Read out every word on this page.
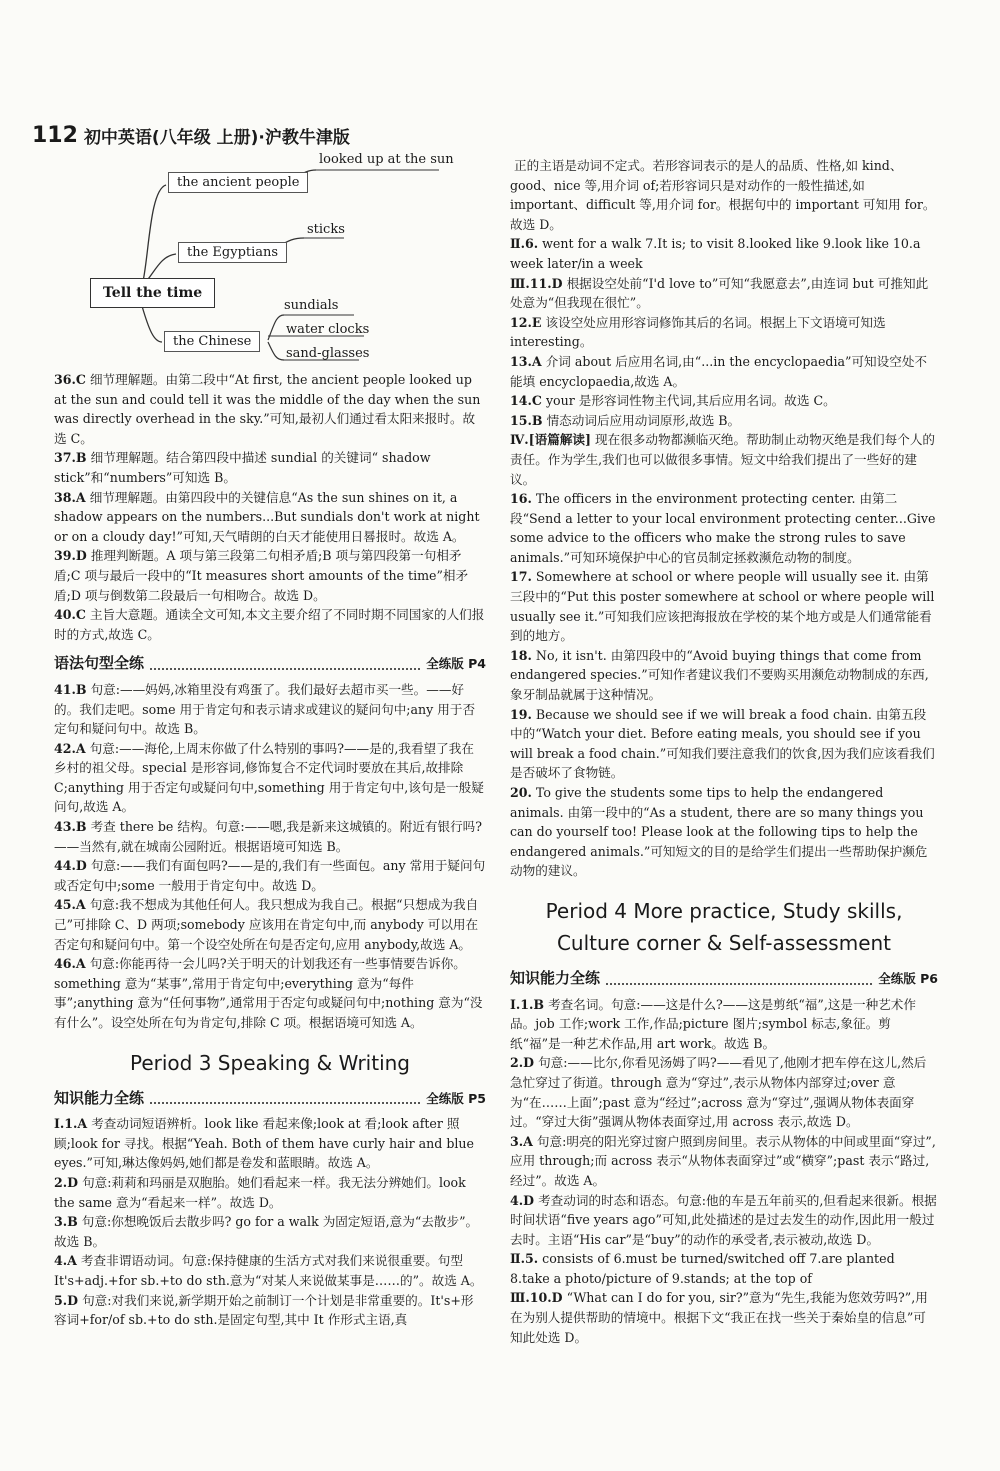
112 初中英语(八年级 上册)·沪教牛津版
the ancient people
looked up at the sun
the Egyptians
sticks
Tell the time
the Chinese
sundials
water clocks
sand-glasses

36.C 细节理解题。由第二段中“At first, the ancient people looked up at the sun and could tell it was the middle of the day when the sun was directly overhead in the sky.”可知,最初人们通过看太阳来报时。故选 C。

37.B 细节理解题。结合第四段中描述 sundial 的关键词“ shadow stick”和“numbers”可知选 B。

38.A 细节理解题。由第四段中的关键信息“As the sun shines on it, a shadow appears on the numbers...But sundials don't work at night or on a cloudy day!”可知,天气晴朗的白天才能使用日晷报时。故选 A。

39.D 推理判断题。A 项与第三段第二句相矛盾;B 项与第四段第一句相矛盾;C 项与最后一段中的“It measures short amounts of the time”相矛盾;D 项与倒数第二段最后一句相吻合。故选 D。

40.C 主旨大意题。通读全文可知,本文主要介绍了不同时期不同国家的人们报时的方式,故选 C。

语法句型全练	全练版 P4

41.B 句意:——妈妈,冰箱里没有鸡蛋了。我们最好去超市买一些。——好的。我们走吧。some 用于肯定句和表示请求或建议的疑问句中;any 用于否定句和疑问句中。故选 B。

42.A 句意:——海伦,上周末你做了什么特别的事吗?——是的,我看望了我在乡村的祖父母。special 是形容词,修饰复合不定代词时要放在其后,故排除 C;anything 用于否定句或疑问句中,something 用于肯定句中,该句是一般疑问句,故选 A。

43.B 考查 there be 结构。句意:——嗯,我是新来这城镇的。附近有银行吗?——当然有,就在城南公园附近。根据语境可知选 B。

44.D 句意:——我们有面包吗?——是的,我们有一些面包。any 常用于疑问句或否定句中;some 一般用于肯定句中。故选 D。

45.A 句意:我不想成为其他任何人。我只想成为我自己。根据“只想成为我自己”可排除 C、D 两项;somebody 应该用在肯定句中,而 anybody 可以用在否定句和疑问句中。第一个设空处所在句是否定句,应用 anybody,故选 A。

46.A 句意:你能再待一会儿吗?关于明天的计划我还有一些事情要告诉你。something 意为“某事”,常用于肯定句中;everything 意为“每件事”;anything 意为“任何事物”,通常用于否定句或疑问句中;nothing 意为“没有什么”。设空处所在句为肯定句,排除 C 项。根据语境可知选 A。

Period 3 Speaking & Writing
知识能力全练	全练版 P5

Ⅰ.1.A 考查动词短语辨析。look like 看起来像;look at 看;look after 照顾;look for 寻找。根据“Yeah. Both of them have curly hair and blue eyes.”可知,琳达像妈妈,她们都是卷发和蓝眼睛。故选 A。

2.D 句意:莉莉和玛丽是双胞胎。她们看起来一样。我无法分辨她们。look the same 意为“看起来一样”。故选 D。

3.B 句意:你想晚饭后去散步吗? go for a walk 为固定短语,意为“去散步”。故选 B。

4.A 考查非谓语动词。句意:保持健康的生活方式对我们来说很重要。句型 It's+adj.+for sb.+to do sth.意为“对某人来说做某事是……的”。故选 A。

5.D 句意:对我们来说,新学期开始之前制订一个计划是非常重要的。It's+形容词+for/of sb.+to do sth.是固定句型,其中 It 作形式主语,真

正的主语是动词不定式。若形容词表示的是人的品质、性格,如 kind、good、nice 等,用介词 of;若形容词只是对动作的一般性描述,如 important、difficult 等,用介词 for。根据句中的 important 可知用 for。故选 D。

Ⅱ.6. went for a walk 7.It is; to visit 8.looked like 9.look like 10.a week later/in a week

Ⅲ.11.D 根据设空处前“I'd love to”可知“我愿意去”,由连词 but 可推知此处意为“但我现在很忙”。

12.E 该设空处应用形容词修饰其后的名词。根据上下文语境可知选 interesting。

13.A 介词 about 后应用名词,由“...in the encyclopaedia”可知设空处不能填 encyclopaedia,故选 A。

14.C your 是形容词性物主代词,其后应用名词。故选 C。

15.B 情态动词后应用动词原形,故选 B。

Ⅳ.[语篇解读] 现在很多动物都濒临灭绝。帮助制止动物灭绝是我们每个人的责任。作为学生,我们也可以做很多事情。短文中给我们提出了一些好的建议。

16. The officers in the environment protecting center. 由第二段“Send a letter to your local environment protecting center...Give some advice to the officers who make the strong rules to save animals.”可知环境保护中心的官员制定拯救濒危动物的制度。

17. Somewhere at school or where people will usually see it. 由第三段中的“Put this poster somewhere at school or where people will usually see it.”可知我们应该把海报放在学校的某个地方或是人们通常能看到的地方。

18. No, it isn't. 由第四段中的“Avoid buying things that come from endangered species.”可知作者建议我们不要购买用濒危动物制成的东西,象牙制品就属于这种情况。

19. Because we should see if we will break a food chain. 由第五段中的“Watch your diet. Before eating meals, you should see if you will break a food chain.”可知我们要注意我们的饮食,因为我们应该看我们是否破坏了食物链。

20. To give the students some tips to help the endangered animals. 由第一段中的“As a student, there are so many things you can do yourself too! Please look at the following tips to help the endangered animals.”可知短文的目的是给学生们提出一些帮助保护濒危动物的建议。

Period 4 More practice, Study skills,
Culture corner & Self-assessment
知识能力全练	全练版 P6

Ⅰ.1.B 考查名词。句意:——这是什么?——这是剪纸“福”,这是一种艺术作品。job 工作;work 工作,作品;picture 图片;symbol 标志,象征。剪纸“福”是一种艺术作品,用 art work。故选 B。

2.D 句意:——比尔,你看见汤姆了吗?——看见了,他刚才把车停在这儿,然后急忙穿过了街道。through 意为“穿过”,表示从物体内部穿过;over 意为“在……上面”;past 意为“经过”;across 意为“穿过”,强调从物体表面穿过。“穿过大街”强调从物体表面穿过,用 across 表示,故选 D。

3.A 句意:明亮的阳光穿过窗户照到房间里。表示从物体的中间或里面“穿过”,应用 through;而 across 表示“从物体表面穿过”或“横穿”;past 表示“路过,经过”。故选 A。

4.D 考查动词的时态和语态。句意:他的车是五年前买的,但看起来很新。根据时间状语“five years ago”可知,此处描述的是过去发生的动作,因此用一般过去时。主语“His car”是“buy”的动作的承受者,表示被动,故选 D。

Ⅱ.5. consists of 6.must be turned/switched off 7.are planted 8.take a photo/picture of 9.stands; at the top of

Ⅲ.10.D “What can I do for you, sir?”意为“先生,我能为您效劳吗?”,用在为别人提供帮助的情境中。根据下文“我正在找一些关于秦始皇的信息”可知此处选 D。
